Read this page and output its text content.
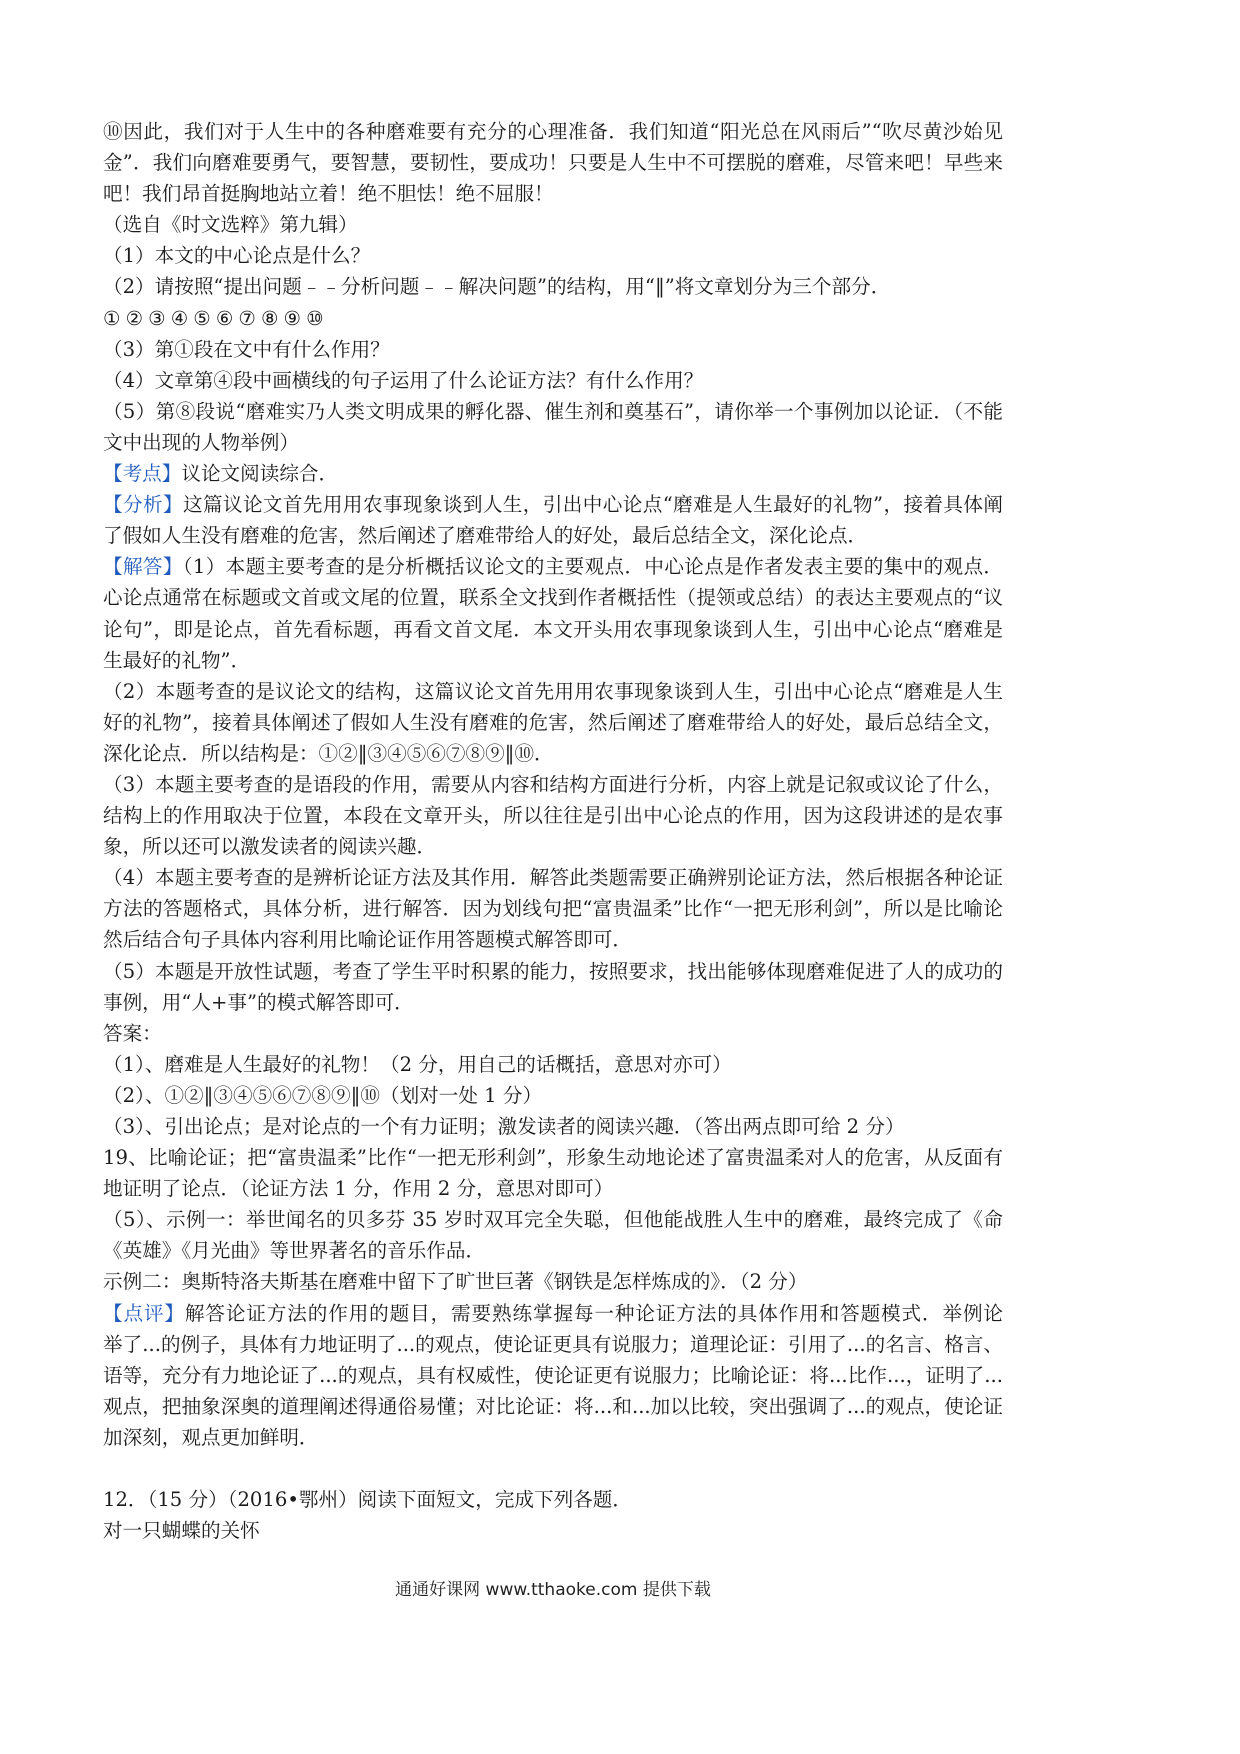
⑩因此，我们对于人生中的各种磨难要有充分的心理准备．我们知道“阳光总在风雨后”“吹尽黄沙始见
金”．我们向磨难要勇气，要智慧，要韧性，要成功！只要是人生中不可摆脱的磨难，尽管来吧！早些来
吧！我们昂首挺胸地站立着！绝不胆怯！绝不屈服！
（选自《时文选粹》第九辑）
（1）本文的中心论点是什么？
（2）请按照“提出问题﹣﹣分析问题﹣﹣解决问题”的结构，用“‖”将文章划分为三个部分．
①②③④⑤⑥⑦⑧⑨⑩
（3）第①段在文中有什么作用？
（4）文章第④段中画横线的句子运用了什么论证方法？有什么作用？
（5）第⑧段说“磨难实乃人类文明成果的孵化器、催生剂和奠基石”，请你举一个事例加以论证．（不能
文中出现的人物举例）
【考点】议论文阅读综合．
【分析】这篇议论文首先用用农事现象谈到人生，引出中心论点“磨难是人生最好的礼物”，接着具体阐
了假如人生没有磨难的危害，然后阐述了磨难带给人的好处，最后总结全文，深化论点．
【解答】（1）本题主要考查的是分析概括议论文的主要观点．中心论点是作者发表主要的集中的观点．
心论点通常在标题或文首或文尾的位置，联系全文找到作者概括性（提领或总结）的表达主要观点的“议
论句”，即是论点，首先看标题，再看文首文尾．本文开头用农事现象谈到人生，引出中心论点“磨难是
生最好的礼物”．
（2）本题考查的是议论文的结构，这篇议论文首先用用农事现象谈到人生，引出中心论点“磨难是人生
好的礼物”，接着具体阐述了假如人生没有磨难的危害，然后阐述了磨难带给人的好处，最后总结全文，
深化论点．所以结构是：①②‖③④⑤⑥⑦⑧⑨‖⑩．
（3）本题主要考查的是语段的作用，需要从内容和结构方面进行分析，内容上就是记叙或议论了什么，
结构上的作用取决于位置，本段在文章开头，所以往往是引出中心论点的作用，因为这段讲述的是农事
象，所以还可以激发读者的阅读兴趣．
（4）本题主要考查的是辨析论证方法及其作用．解答此类题需要正确辨别论证方法，然后根据各种论证
方法的答题格式，具体分析，进行解答．因为划线句把“富贵温柔”比作“一把无形利剑”，所以是比喻论
然后结合句子具体内容利用比喻论证作用答题模式解答即可．
（5）本题是开放性试题，考查了学生平时积累的能力，按照要求，找出能够体现磨难促进了人的成功的
事例，用“人+事”的模式解答即可．
答案：
（1）、磨难是人生最好的礼物！（2 分，用自己的话概括，意思对亦可）
（2）、①②‖③④⑤⑥⑦⑧⑨‖⑩（划对一处 1 分）
（3）、引出论点；是对论点的一个有力证明；激发读者的阅读兴趣．（答出两点即可给 2 分）
19、比喻论证；把“富贵温柔”比作“一把无形利剑”，形象生动地论述了富贵温柔对人的危害，从反面有
地证明了论点．（论证方法 1 分，作用 2 分，意思对即可）
（5）、示例一：举世闻名的贝多芬 35 岁时双耳完全失聪，但他能战胜人生中的磨难，最终完成了《命
《英雄》《月光曲》等世界著名的音乐作品．
示例二：奥斯特洛夫斯基在磨难中留下了旷世巨著《钢铁是怎样炼成的》．（2 分）
【点评】解答论证方法的作用的题目，需要熟练掌握每一种论证方法的具体作用和答题模式．举例论
举了...的例子，具体有力地证明了...的观点，使论证更具有说服力；道理论证：引用了...的名言、格言、
语等，充分有力地论证了...的观点，具有权威性，使论证更有说服力；比喻论证：将...比作...，证明了...
观点，把抽象深奥的道理阐述得通俗易懂；对比论证：将...和...加以比较，突出强调了...的观点，使论证
加深刻，观点更加鲜明．
12．（15 分）（2016•鄂州）阅读下面短文，完成下列各题．
对一只蝴蝶的关怀
通通好课网 www.tthaoke.com 提供下载
